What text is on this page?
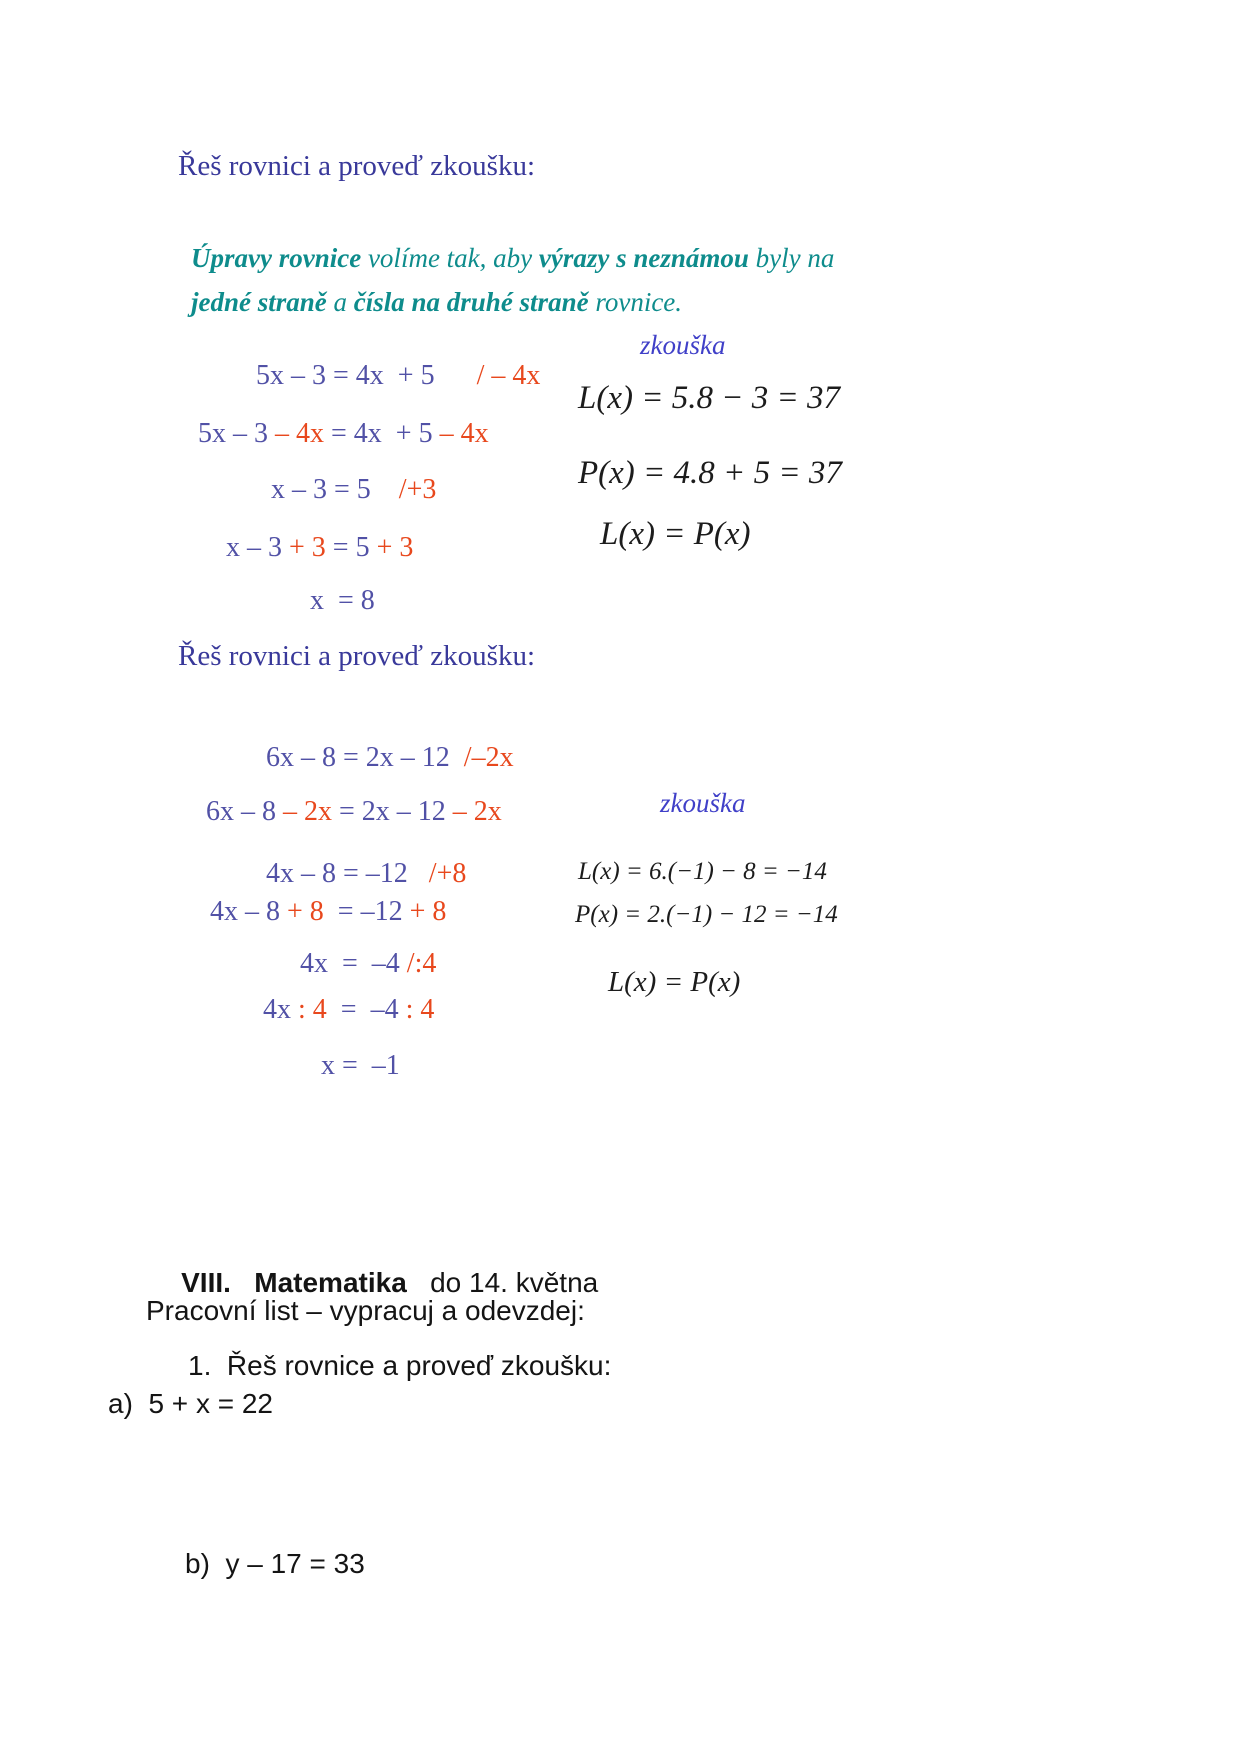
Řeš rovnici a proveď zkoušku:

Úpravy rovnice volíme tak, aby výrazy s neznámou byly na

jedné straně a čísla na druhé straně rovnice.

5x – 3 = 4x  + 5      / – 4x

5x – 3 – 4x = 4x  + 5 – 4x

x – 3 = 5    /+3

x – 3 + 3 = 5 + 3

x  = 8

zkouška
L(x) = 5.8 − 3 = 37
P(x) = 4.8 + 5 = 37
L(x) = P(x)
Řeš rovnici a proveď zkoušku:

6x – 8 = 2x – 12  /–2x

6x – 8 – 2x = 2x – 12 – 2x

4x – 8 = –12   /+8

4x – 8 + 8  = –12 + 8

4x  =  –4 /:4

4x : 4  =  –4 : 4

x =  –1

zkouška
L(x) = 6.(−1) − 8 = −14
P(x) = 2.(−1) − 12 = −14
L(x) = P(x)

VIII.   Matematika   do 14. května

Pracovní list – vypracuj a odevzdej:
1.  Řeš rovnice a proveď zkoušku:
a)  5 + x = 22
b)  y – 17 = 33
